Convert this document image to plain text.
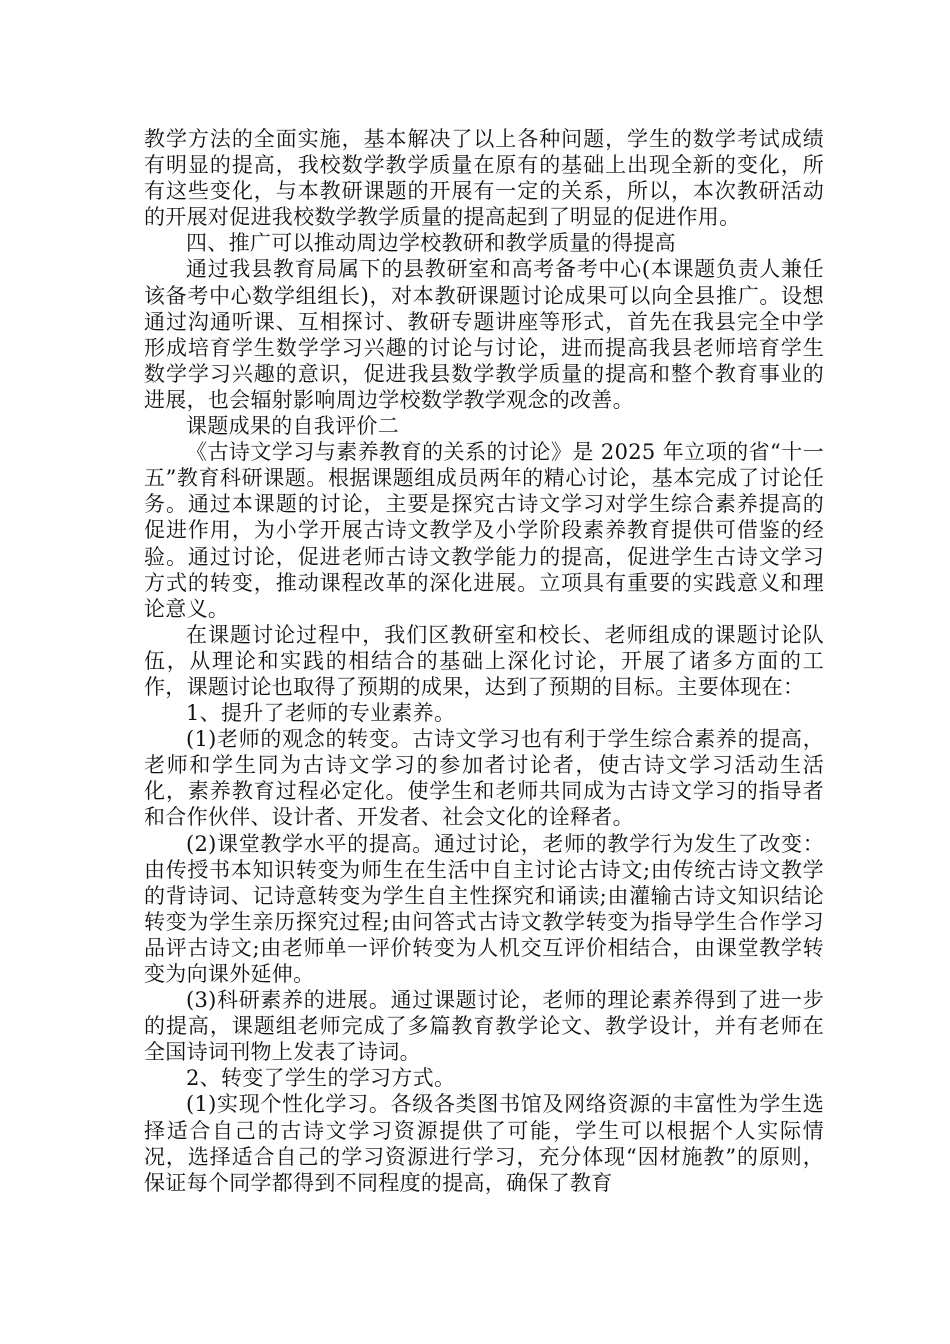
教学方法的全面实施，基本解决了以上各种问题，学生的数学考试成绩有明显的提高，我校数学教学质量在原有的基础上出现全新的变化，所有这些变化，与本教研课题的开展有一定的关系，所以，本次教研活动的开展对促进我校数学教学质量的提高起到了明显的促进作用。

四、推广可以推动周边学校教研和教学质量的得提高

通过我县教育局属下的县教研室和高考备考中心(本课题负责人兼任该备考中心数学组组长)，对本教研课题讨论成果可以向全县推广。设想通过沟通听课、互相探讨、教研专题讲座等形式，首先在我县完全中学形成培育学生数学学习兴趣的讨论与讨论，进而提高我县老师培育学生数学学习兴趣的意识，促进我县数学教学质量的提高和整个教育事业的进展，也会辐射影响周边学校数学教学观念的改善。

课题成果的自我评价二

《古诗文学习与素养教育的关系的讨论》是 2025 年立项的省“十一五”教育科研课题。根据课题组成员两年的精心讨论，基本完成了讨论任务。通过本课题的讨论，主要是探究古诗文学习对学生综合素养提高的促进作用，为小学开展古诗文教学及小学阶段素养教育提供可借鉴的经验。通过讨论，促进老师古诗文教学能力的提高，促进学生古诗文学习方式的转变，推动课程改革的深化进展。立项具有重要的实践意义和理论意义。

在课题讨论过程中，我们区教研室和校长、老师组成的课题讨论队伍，从理论和实践的相结合的基础上深化讨论，开展了诸多方面的工作，课题讨论也取得了预期的成果，达到了预期的目标。主要体现在：

1、提升了老师的专业素养。

(1)老师的观念的转变。古诗文学习也有利于学生综合素养的提高，老师和学生同为古诗文学习的参加者讨论者，使古诗文学习活动生活化，素养教育过程必定化。使学生和老师共同成为古诗文学习的指导者和合作伙伴、设计者、开发者、社会文化的诠释者。

(2)课堂教学水平的提高。通过讨论，老师的教学行为发生了改变：由传授书本知识转变为师生在生活中自主讨论古诗文;由传统古诗文教学的背诗词、记诗意转变为学生自主性探究和诵读;由灌输古诗文知识结论转变为学生亲历探究过程;由问答式古诗文教学转变为指导学生合作学习品评古诗文;由老师单一评价转变为人机交互评价相结合，由课堂教学转变为向课外延伸。

(3)科研素养的进展。通过课题讨论，老师的理论素养得到了进一步的提高，课题组老师完成了多篇教育教学论文、教学设计，并有老师在全国诗词刊物上发表了诗词。

2、转变了学生的学习方式。

(1)实现个性化学习。各级各类图书馆及网络资源的丰富性为学生选择适合自己的古诗文学习资源提供了可能，学生可以根据个人实际情况，选择适合自己的学习资源进行学习，充分体现“因材施教”的原则，保证每个同学都得到不同程度的提高，确保了教育
